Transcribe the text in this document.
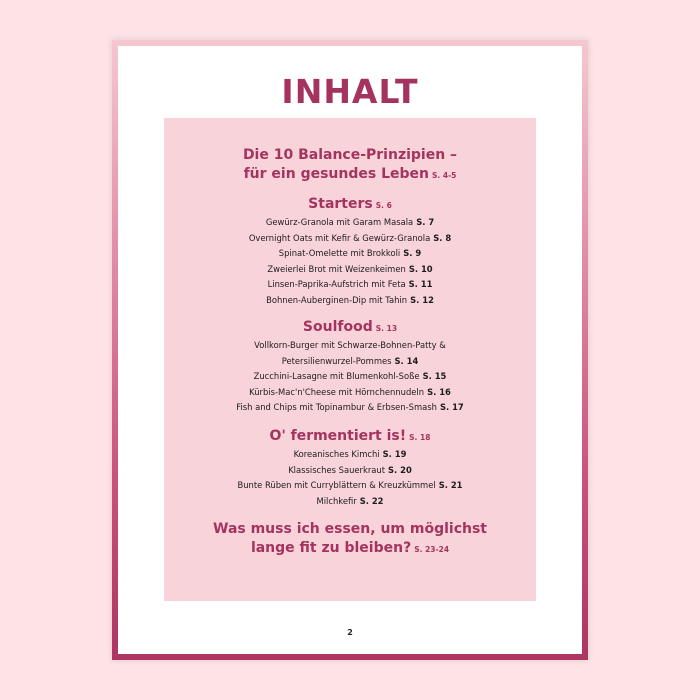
INHALT

Die 10 Balance-Prinzipien –
für ein gesundes Leben S. 4-5

Starters S. 6

Gewürz-Granola mit Garam Masala S. 7
Overnight Oats mit Kefir & Gewürz-Granola S. 8
Spinat-Omelette mit Brokkoli S. 9
Zweierlei Brot mit Weizenkeimen S. 10
Linsen-Paprika-Aufstrich mit Feta S. 11
Bohnen-Auberginen-Dip mit Tahin S. 12

Soulfood S. 13

Vollkorn-Burger mit Schwarze-Bohnen-Patty &
Petersilienwurzel-Pommes S. 14
Zucchini-Lasagne mit Blumenkohl-Soße S. 15
Kürbis-Mac'n'Cheese mit Hörnchennudeln S. 16
Fish and Chips mit Topinambur & Erbsen-Smash S. 17

O' fermentiert is! S. 18

Koreanisches Kimchi S. 19
Klassisches Sauerkraut S. 20
Bunte Rüben mit Curryblättern & Kreuzkümmel S. 21
Milchkefir S. 22

Was muss ich essen, um möglichst
lange fit zu bleiben? S. 23-24

2
